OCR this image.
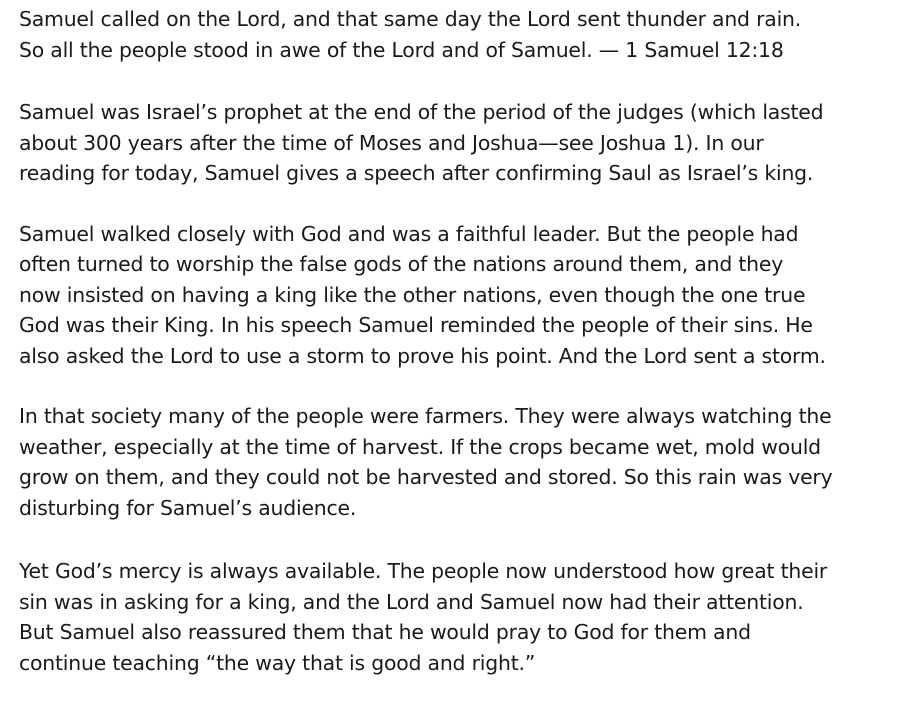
Samuel called on the Lord, and that same day the Lord sent thunder and rain.
So all the people stood in awe of the Lord and of Samuel. — 1 Samuel 12:18
Samuel was Israel’s prophet at the end of the period of the judges (which lasted
about 300 years after the time of Moses and Joshua—see Joshua 1). In our
reading for today, Samuel gives a speech after confirming Saul as Israel’s king.
Samuel walked closely with God and was a faithful leader. But the people had
often turned to worship the false gods of the nations around them, and they
now insisted on having a king like the other nations, even though the one true
God was their King. In his speech Samuel reminded the people of their sins. He
also asked the Lord to use a storm to prove his point. And the Lord sent a storm.
In that society many of the people were farmers. They were always watching the
weather, especially at the time of harvest. If the crops became wet, mold would
grow on them, and they could not be harvested and stored. So this rain was very
disturbing for Samuel’s audience.
Yet God’s mercy is always available. The people now understood how great their
sin was in asking for a king, and the Lord and Samuel now had their attention.
But Samuel also reassured them that he would pray to God for them and
continue teaching “the way that is good and right.”
